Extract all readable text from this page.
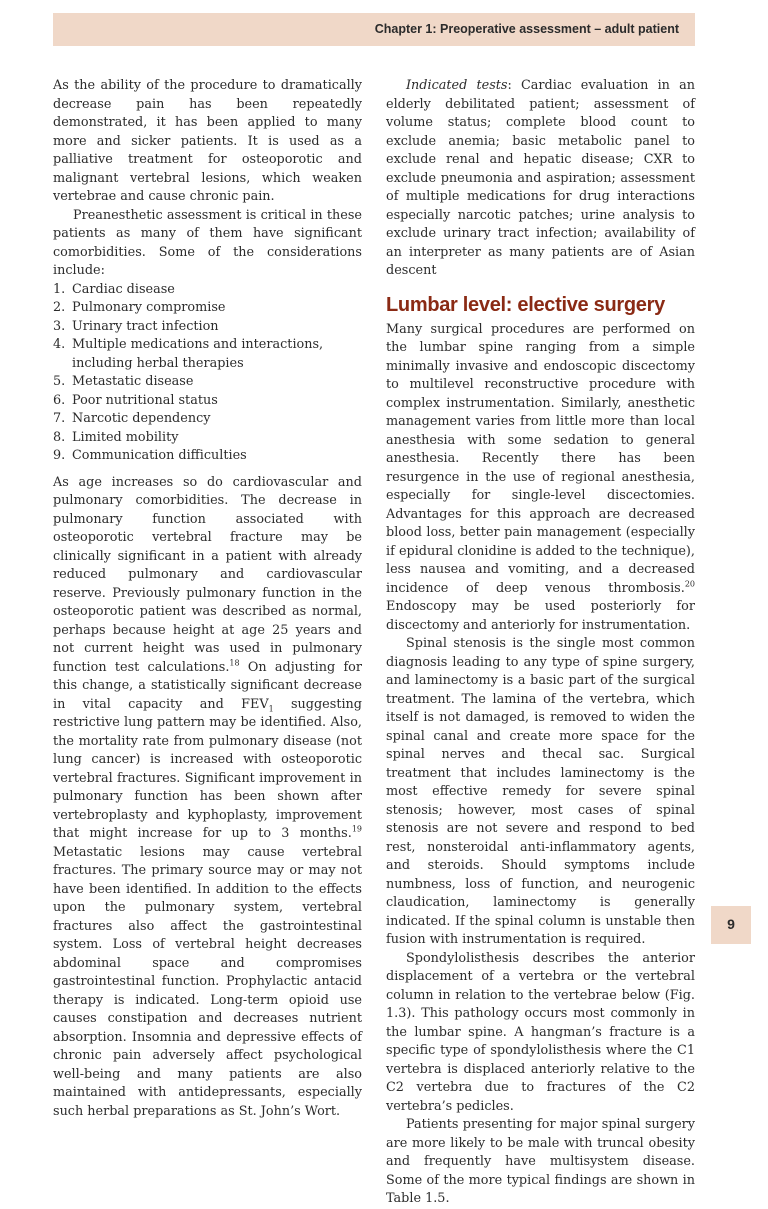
Chapter 1: Preoperative assessment – adult patient

As the ability of the procedure to dramatically decrease pain has been repeatedly demonstrated, it has been applied to many more and sicker patients. It is used as a palliative treatment for osteoporotic and malignant vertebral lesions, which weaken vertebrae and cause chronic pain.

Preanesthetic assessment is critical in these patients as many of them have significant comorbidities. Some of the considerations include:

1. Cardiac disease
2. Pulmonary compromise
3. Urinary tract infection
4. Multiple medications and interactions, including herbal therapies
5. Metastatic disease
6. Poor nutritional status
7. Narcotic dependency
8. Limited mobility
9. Communication difficulties

As age increases so do cardiovascular and pulmonary comorbidities. The decrease in pulmonary function associated with osteoporotic vertebral fracture may be clinically significant in a patient with already reduced pulmonary and cardiovascular reserve. Previously pulmonary function in the osteoporotic patient was described as normal, perhaps because height at age 25 years and not current height was used in pulmonary function test calculations.$^{18}$ On adjusting for this change, a statistically significant decrease in vital capacity and $FEV_1$ suggesting restrictive lung pattern may be identified. Also, the mortality rate from pulmonary disease (not lung cancer) is increased with osteoporotic vertebral fractures. Significant improvement in pulmonary function has been shown after vertebroplasty and kyphoplasty, improvement that might increase for up to 3 months.$^{19}$ Metastatic lesions may cause vertebral fractures. The primary source may or may not have been identified. In addition to the effects upon the pulmonary system, vertebral fractures also affect the gastrointestinal system. Loss of vertebral height decreases abdominal space and compromises gastrointestinal function. Prophylactic antacid therapy is indicated. Long-term opioid use causes constipation and decreases nutrient absorption. Insomnia and depressive effects of chronic pain adversely affect psychological well-being and many patients are also maintained with antidepressants, especially such herbal preparations as St. John’s Wort.

Indicated tests: Cardiac evaluation in an elderly debilitated patient; assessment of volume status; complete blood count to exclude anemia; basic metabolic panel to exclude renal and hepatic disease; CXR to exclude pneumonia and aspiration; assessment of multiple medications for drug interactions especially narcotic patches; urine analysis to exclude urinary tract infection; availability of an interpreter as many patients are of Asian descent

Lumbar level: elective surgery

Many surgical procedures are performed on the lumbar spine ranging from a simple minimally invasive and endoscopic discectomy to multilevel reconstructive procedure with complex instrumentation. Similarly, anesthetic management varies from little more than local anesthesia with some sedation to general anesthesia. Recently there has been resurgence in the use of regional anesthesia, especially for single-level discectomies. Advantages for this approach are decreased blood loss, better pain management (especially if epidural clonidine is added to the technique), less nausea and vomiting, and a decreased incidence of deep venous thrombosis.$^{20}$ Endoscopy may be used posteriorly for discectomy and anteriorly for instrumentation.

Spinal stenosis is the single most common diagnosis leading to any type of spine surgery, and laminectomy is a basic part of the surgical treatment. The lamina of the vertebra, which itself is not damaged, is removed to widen the spinal canal and create more space for the spinal nerves and thecal sac. Surgical treatment that includes laminectomy is the most effective remedy for severe spinal stenosis; however, most cases of spinal stenosis are not severe and respond to bed rest, nonsteroidal anti-inflammatory agents, and steroids. Should symptoms include numbness, loss of function, and neurogenic claudication, laminectomy is generally indicated. If the spinal column is unstable then fusion with instrumentation is required.

Spondylolisthesis describes the anterior displacement of a vertebra or the vertebral column in relation to the vertebrae below (Fig. 1.3). This pathology occurs most commonly in the lumbar spine. A hangman’s fracture is a specific type of spondylolisthesis where the C1 vertebra is displaced anteriorly relative to the C2 vertebra due to fractures of the C2 vertebra’s pedicles.

Patients presenting for major spinal surgery are more likely to be male with truncal obesity and frequently have multisystem disease. Some of the more typical findings are shown in Table 1.5.

9
